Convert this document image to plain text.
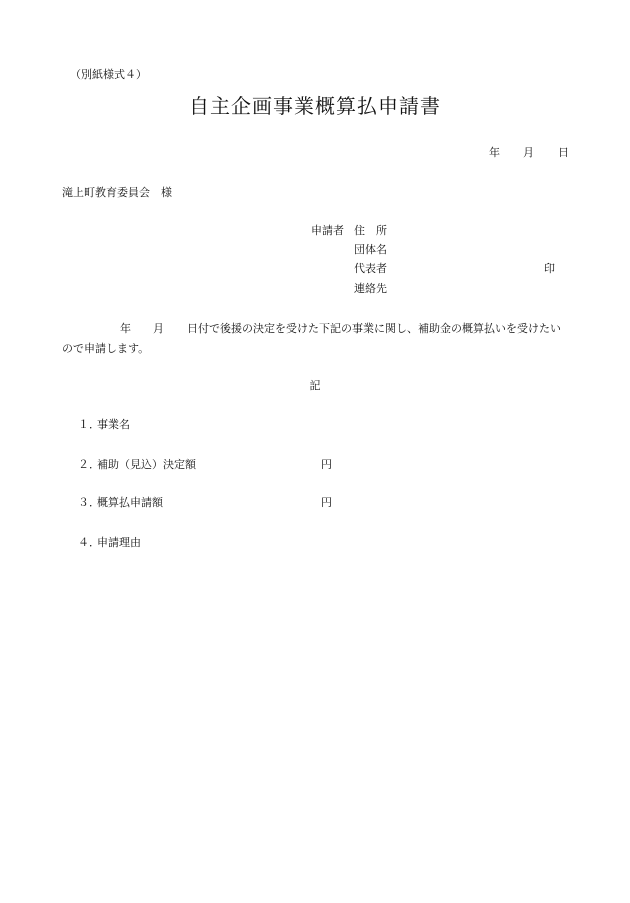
（別紙様式４）
自主企画事業概算払申請書
年 月 日
滝上町教育委員会　様
申請者 住　所
団体名
代表者	印
連絡先
年 月 日付で後援の決定を受けた下記の事業に関し、補助金の概算払いを受けたい
ので申請します。
記
１．
事業名
２．
補助（見込）決定額	円
３．
概算払申請額	円
４．
申請理由
